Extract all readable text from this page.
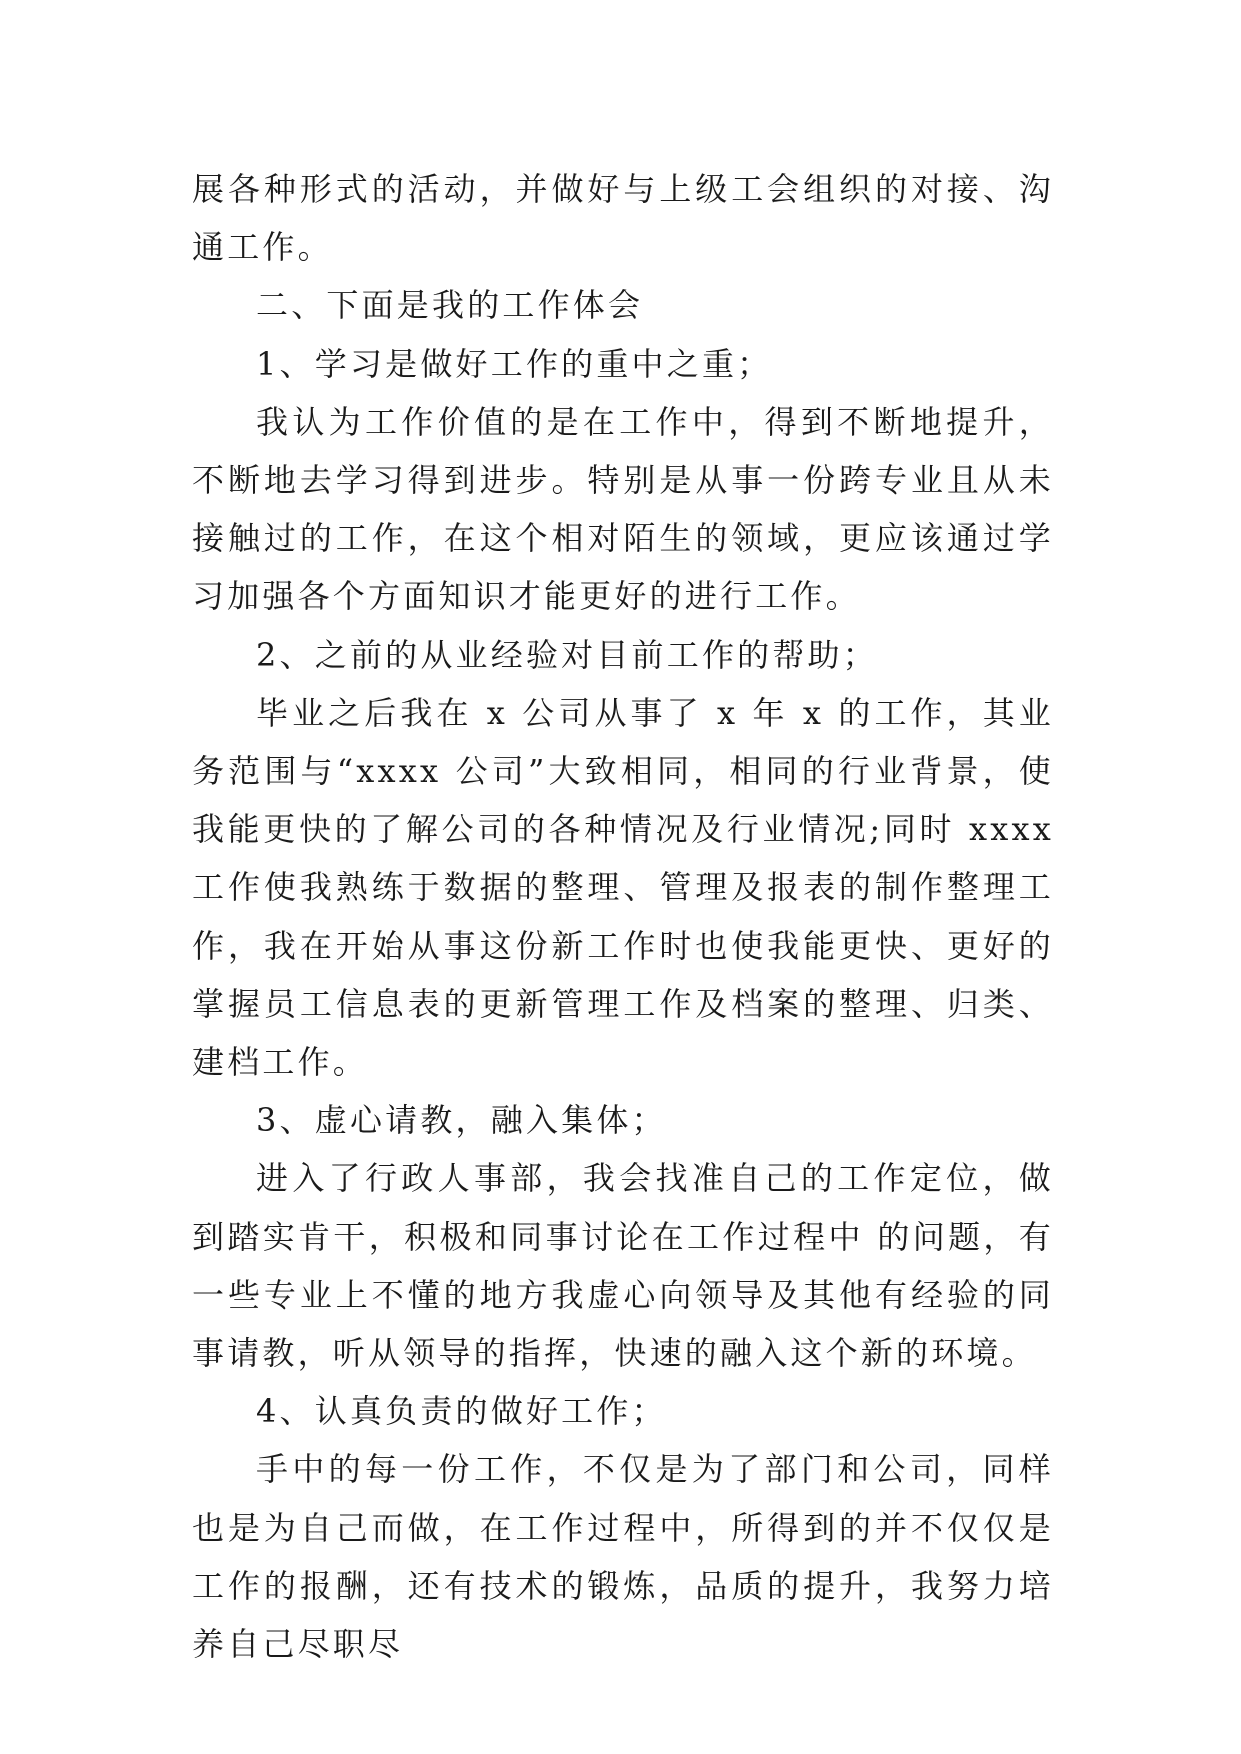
展各种形式的活动，并做好与上级工会组织的对接、沟通工作。

二、下面是我的工作体会

1、学习是做好工作的重中之重；

我认为工作价值的是在工作中，得到不断地提升，不断地去学习得到进步。特别是从事一份跨专业且从未接触过的工作，在这个相对陌生的领域，更应该通过学习加强各个方面知识才能更好的进行工作。

2、之前的从业经验对目前工作的帮助；

毕业之后我在 x 公司从事了 x 年 x 的工作，其业务范围与“xxxx 公司”大致相同，相同的行业背景，使我能更快的了解公司的各种情况及行业情况;同时 xxxx 工作使我熟练于数据的整理、管理及报表的制作整理工作，我在开始从事这份新工作时也使我能更快、更好的掌握员工信息表的更新管理工作及档案的整理、归类、建档工作。

3、虚心请教，融入集体；

进入了行政人事部，我会找准自己的工作定位，做到踏实肯干，积极和同事讨论在工作过程中 的问题，有一些专业上不懂的地方我虚心向领导及其他有经验的同事请教，听从领导的指挥，快速的融入这个新的环境。

4、认真负责的做好工作；

手中的每一份工作，不仅是为了部门和公司，同样也是为自己而做，在工作过程中，所得到的并不仅仅是工作的报酬，还有技术的锻炼，品质的提升，我努力培养自己尽职尽
